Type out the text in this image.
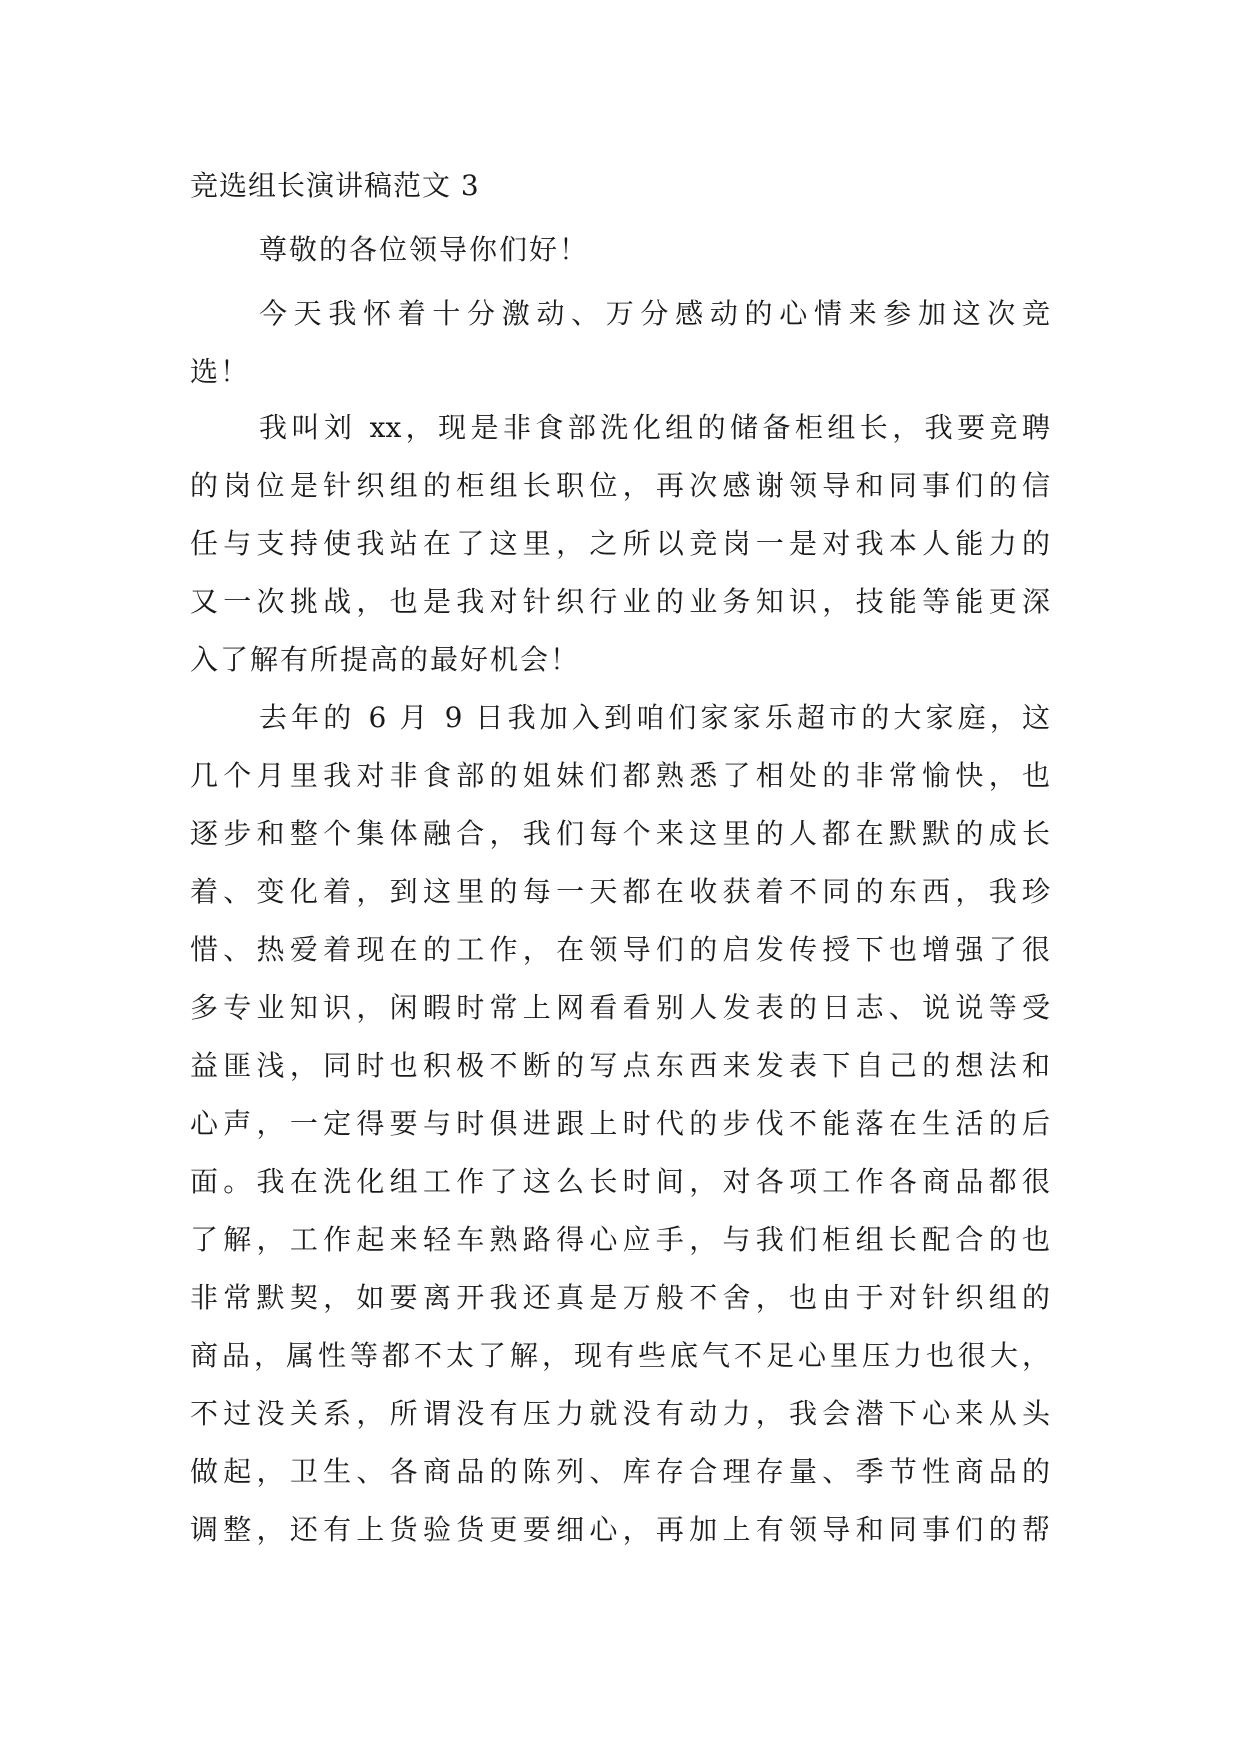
竞选组长演讲稿范文 3
尊敬的各位领导你们好！
今天我怀着十分激动、万分感动的心情来参加这次竞
选！
我叫刘 xx，现是非食部洗化组的储备柜组长，我要竞聘
的岗位是针织组的柜组长职位，再次感谢领导和同事们的信
任与支持使我站在了这里，之所以竞岗一是对我本人能力的
又一次挑战，也是我对针织行业的业务知识，技能等能更深
入了解有所提高的最好机会！
去年的 6 月 9 日我加入到咱们家家乐超市的大家庭，这
几个月里我对非食部的姐妹们都熟悉了相处的非常愉快，也
逐步和整个集体融合，我们每个来这里的人都在默默的成长
着、变化着，到这里的每一天都在收获着不同的东西，我珍
惜、热爱着现在的工作，在领导们的启发传授下也增强了很
多专业知识，闲暇时常上网看看别人发表的日志、说说等受
益匪浅，同时也积极不断的写点东西来发表下自己的想法和
心声，一定得要与时俱进跟上时代的步伐不能落在生活的后
面。我在洗化组工作了这么长时间，对各项工作各商品都很
了解，工作起来轻车熟路得心应手，与我们柜组长配合的也
非常默契，如要离开我还真是万般不舍，也由于对针织组的
商品，属性等都不太了解，现有些底气不足心里压力也很大，
不过没关系，所谓没有压力就没有动力，我会潜下心来从头
做起，卫生、各商品的陈列、库存合理存量、季节性商品的
调整，还有上货验货更要细心，再加上有领导和同事们的帮
